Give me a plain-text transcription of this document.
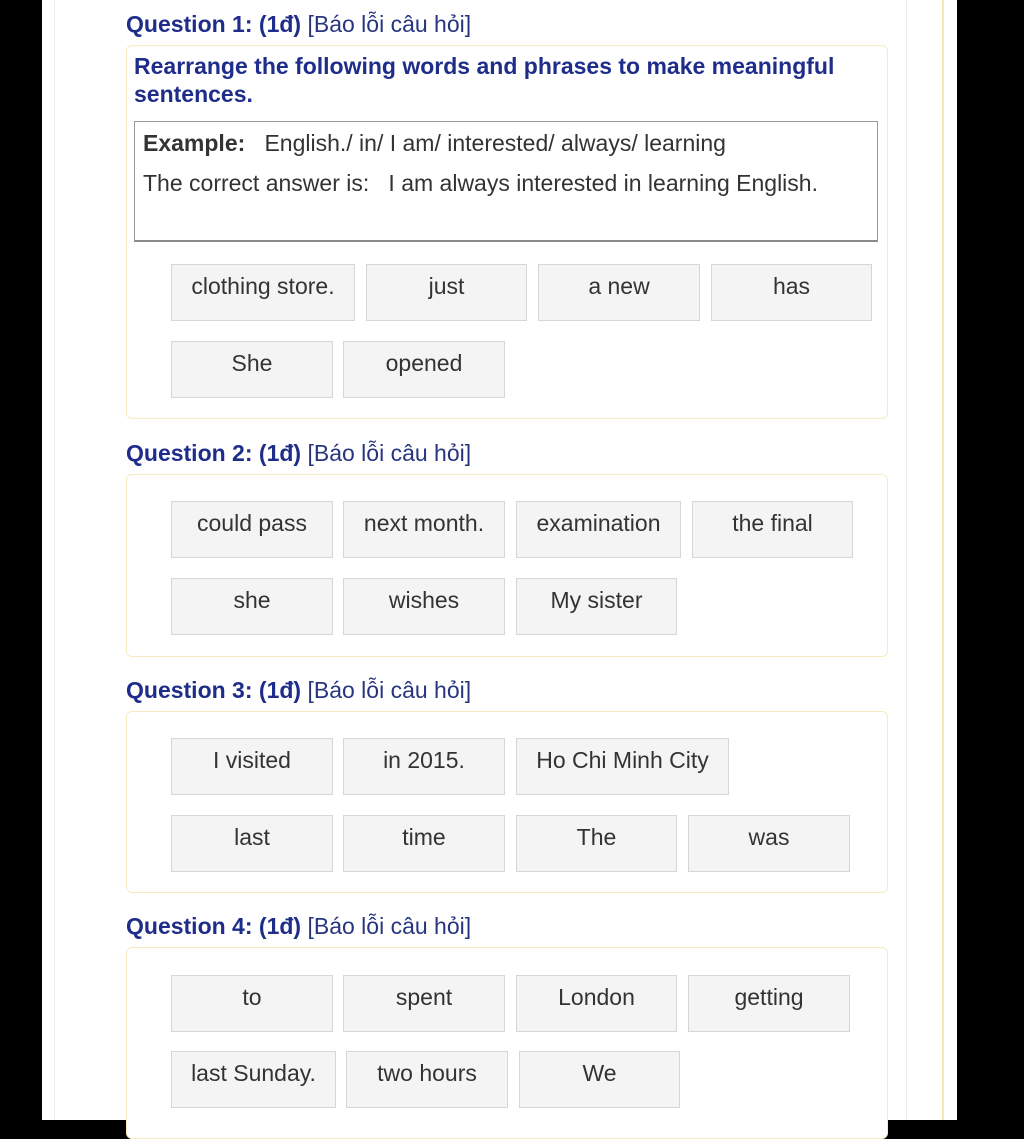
Question 1: (1đ) [Báo lỗi câu hỏi]
Rearrange the following words and phrases to make meaningful sentences.
Example: English./ in/ I am/ interested/ always/ learning
The correct answer is: I am always interested in learning English.
clothing store.	just	a new	has
She	opened
Question 2: (1đ) [Báo lỗi câu hỏi]
could pass	next month.	examination	the final
she	wishes	My sister
Question 3: (1đ) [Báo lỗi câu hỏi]
I visited	in 2015.	Ho Chi Minh City
last	time	The	was
Question 4: (1đ) [Báo lỗi câu hỏi]
to	spent	London	getting
last Sunday.	two hours	We
